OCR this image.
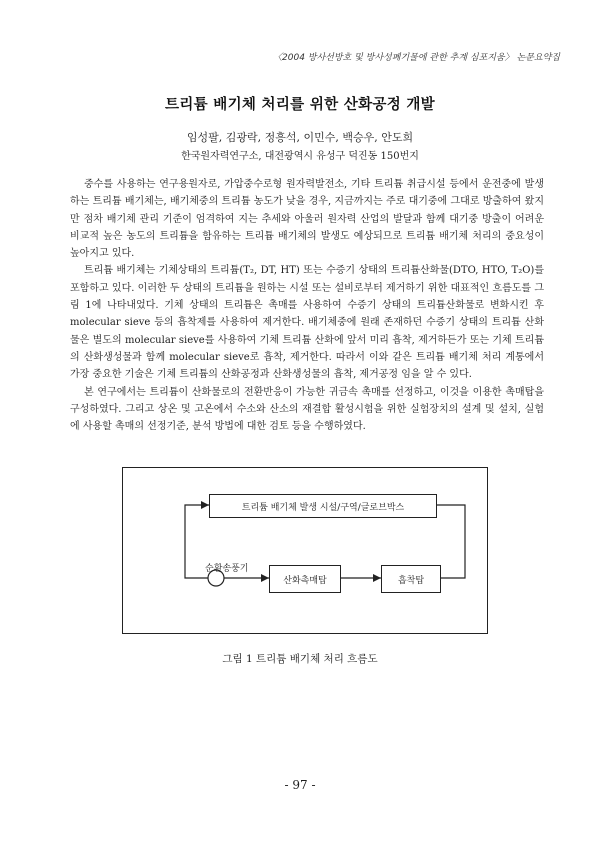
〈2004 방사선방호 및 방사성폐기물에 관한 추계 심포지움〉 논문요약집
트리튬 배기체 처리를 위한 산화공정 개발
임성팔, 김광락, 정흥석, 이민수, 백승우, 안도희
한국원자력연구소, 대전광역시 유성구 덕진동 150번지

중수를 사용하는 연구용원자로, 가압중수로형 원자력발전소, 기타 트리튬 취급시설 등에서 운전중에 발생하는 트리튬 배기체는, 배기체중의 트리튬 농도가 낮을 경우, 지금까지는 주로 대기중에 그대로 방출하여 왔지만 점차 배기체 관리 기준이 엄격하여 지는 추세와 아울러 원자력 산업의 발달과 함께 대기중 방출이 어려운 비교적 높은 농도의 트리튬을 함유하는 트리튬 배기체의 발생도 예상되므로 트리튬 배기체 처리의 중요성이 높아지고 있다.

트리튬 배기체는 기체상태의 트리튬(T₂, DT, HT) 또는 수증기 상태의 트리튬산화물(DTO, HTO, T₂O)를 포함하고 있다. 이러한 두 상태의 트리튬을 원하는 시설 또는 설비로부터 제거하기 위한 대표적인 흐름도를 그림 1에 나타내었다. 기체 상태의 트리튬은 촉매를 사용하여 수증기 상태의 트리튬산화물로 변화시킨 후 molecular sieve 등의 흡착제를 사용하여 제거한다. 배기체중에 원래 존재하던 수증기 상태의 트리튬 산화물은 별도의 molecular sieve를 사용하여 기체 트리튬 산화에 앞서 미리 흡착, 제거하든가 또는 기체 트리튬의 산화생성물과 함께 molecular sieve로 흡착, 제거한다. 따라서 이와 같은 트리튬 배기체 처리 계통에서 가장 중요한 기술은 기체 트리튬의 산화공정과 산화생성물의 흡착, 제거공정 임을 알 수 있다.

본 연구에서는 트리튬이 산화물로의 전환반응이 가능한 귀금속 촉매를 선정하고, 이것을 이용한 촉매탑을 구성하였다. 그리고 상온 및 고온에서 수소와 산소의 재결합 활성시험을 위한 실험장치의 설계 및 설치, 실험에 사용할 촉매의 선정기준, 분석 방법에 대한 검토 등을 수행하였다.

트리튬 배기체 발생 시설/구역/글로브박스
순환송풍기
산화촉매탑	흡착탑
그림 1 트리튬 배기체 처리 흐름도
- 97 -
